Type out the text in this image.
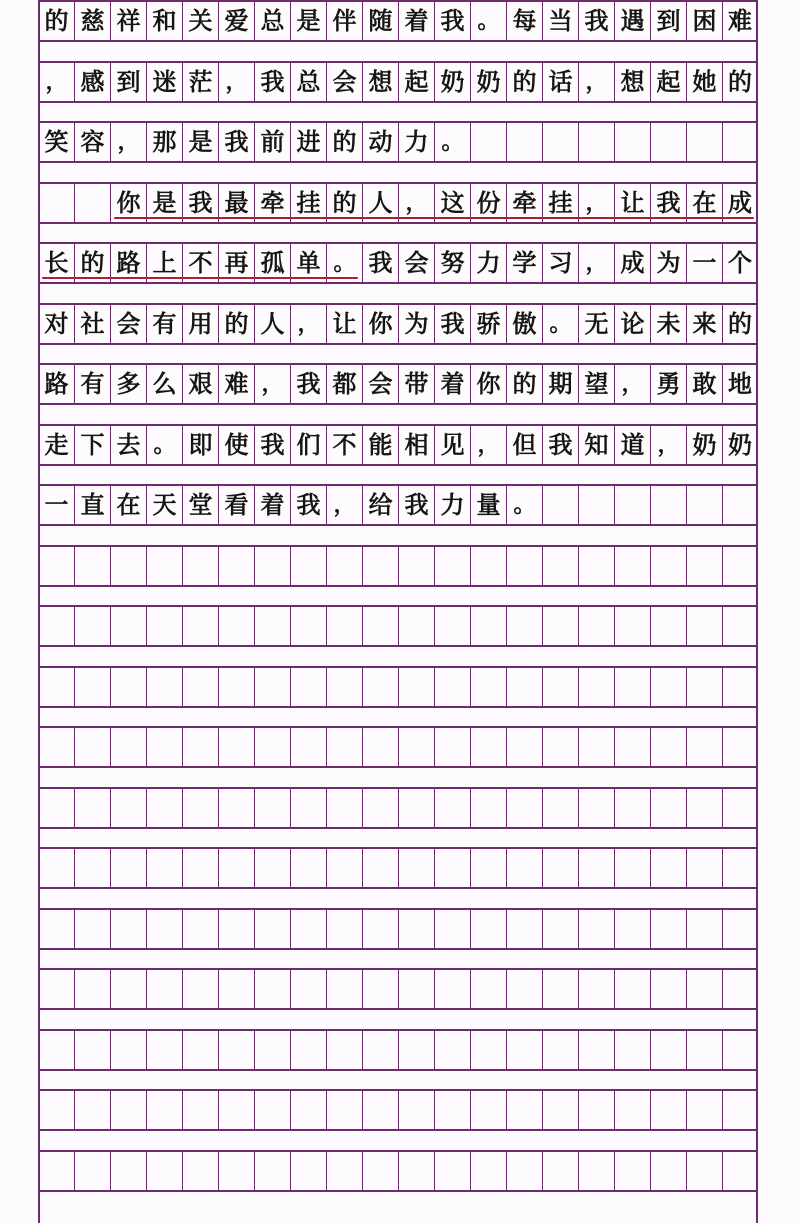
的 慈 祥 和 关 爱 总 是 伴 随 着 我 。 每 当 我 遇 到 困 难
， 感 到 迷 茫 ， 我 总 会 想 起 奶 奶 的 话 ， 想 起 她 的
笑 容 ， 那 是 我 前 进 的 动 力 。
你 是 我 最 牵 挂 的 人 ， 这 份 牵 挂 ， 让 我 在 成
长 的 路 上 不 再 孤 单 。 我 会 努 力 学 习 ， 成 为 一 个
对 社 会 有 用 的 人 ， 让 你 为 我 骄 傲 。 无 论 未 来 的
路 有 多 么 艰 难 ， 我 都 会 带 着 你 的 期 望 ， 勇 敢 地
走 下 去 。 即 使 我 们 不 能 相 见 ， 但 我 知 道 ， 奶 奶
一 直 在 天 堂 看 着 我 ， 给 我 力 量 。
